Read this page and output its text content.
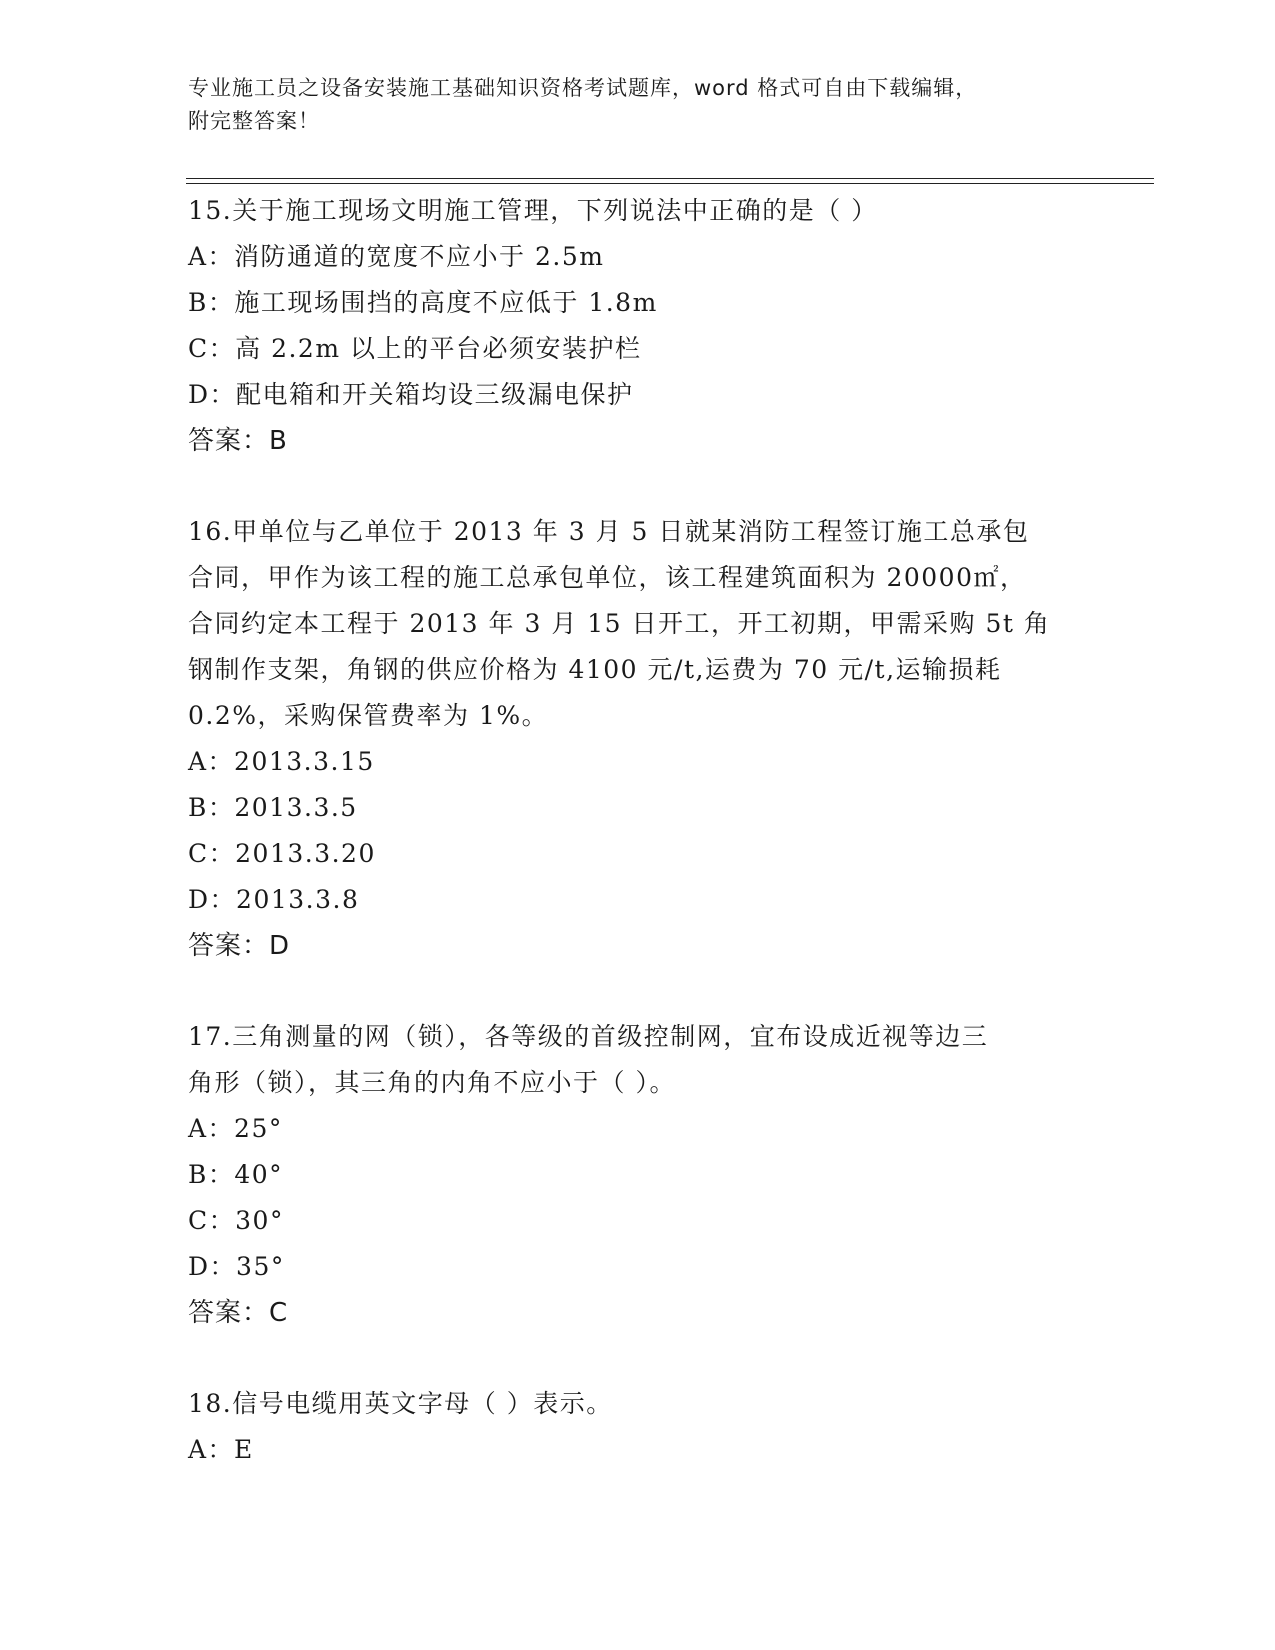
专业施工员之设备安装施工基础知识资格考试题库，word 格式可自由下载编辑，
附完整答案！
15.关于施工现场文明施工管理，下列说法中正确的是（ ）
A：消防通道的宽度不应小于 2.5m
B：施工现场围挡的高度不应低于 1.8m
C：高 2.2m 以上的平台必须安装护栏
D：配电箱和开关箱均设三级漏电保护
答案：B
16.甲单位与乙单位于 2013 年 3 月 5 日就某消防工程签订施工总承包
合同，甲作为该工程的施工总承包单位，该工程建筑面积为 20000㎡，
合同约定本工程于 2013 年 3 月 15 日开工，开工初期，甲需采购 5t 角
钢制作支架，角钢的供应价格为 4100 元/t,运费为 70 元/t,运输损耗
0.2%，采购保管费率为 1%。
A：2013.3.15
B：2013.3.5
C：2013.3.20
D：2013.3.8
答案：D
17.三角测量的网（锁），各等级的首级控制网，宜布设成近视等边三
角形（锁），其三角的内角不应小于（ ）。
A：25°
B：40°
C：30°
D：35°
答案：C
18.信号电缆用英文字母（ ）表示。
A：E
